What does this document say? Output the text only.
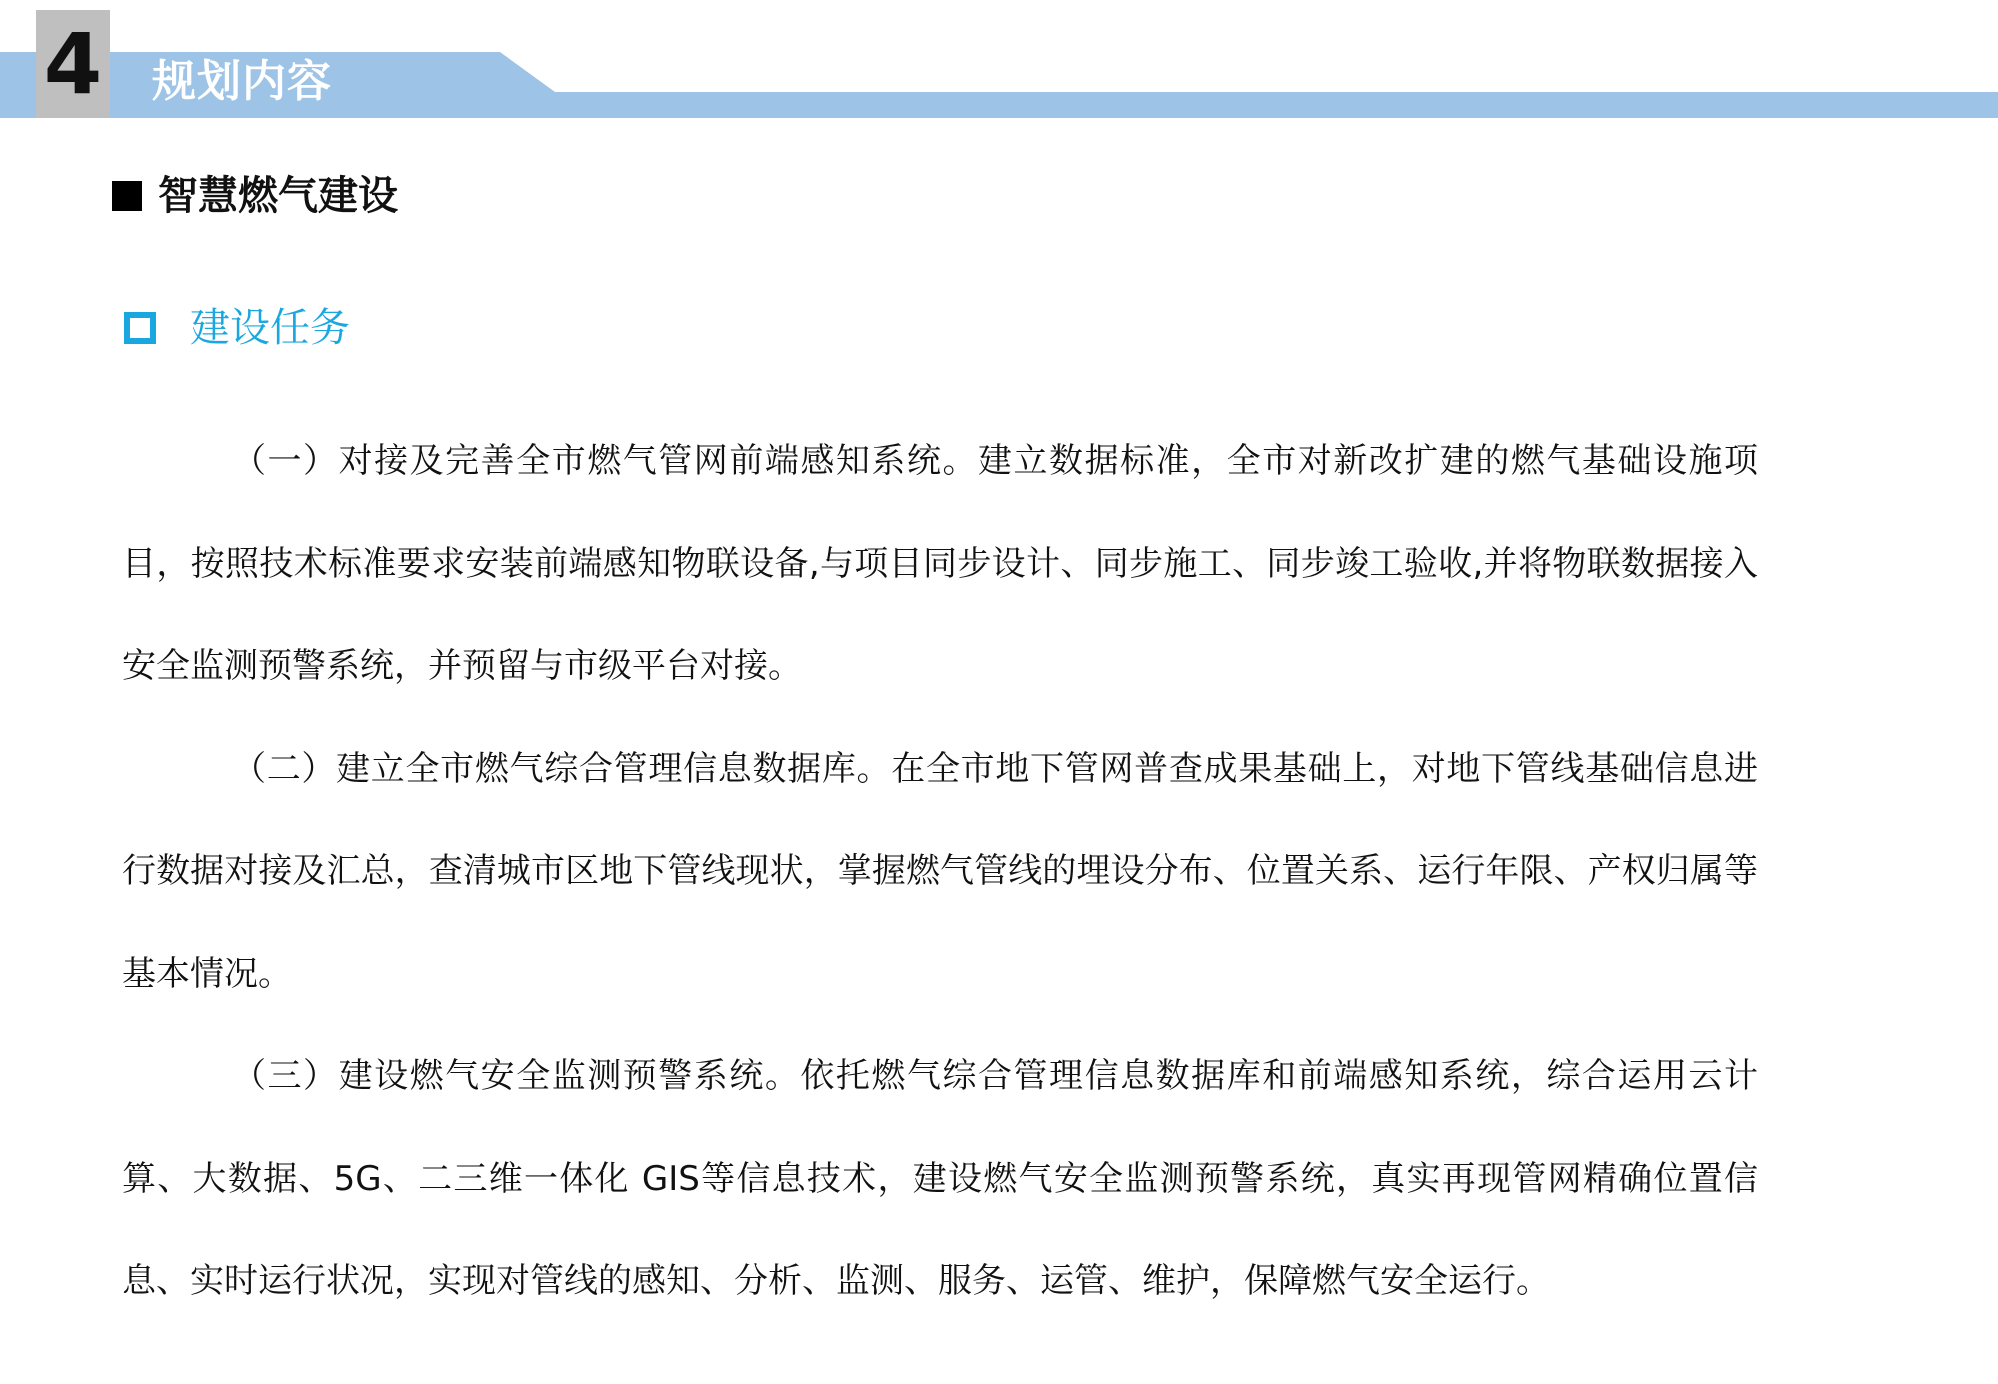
4 规划内容
智慧燃气建设
建设任务

（一）对接及完善全市燃气管网前端感知系统。建立数据标准，全市对新改扩建的燃气基础设施项目，按照技术标准要求安装前端感知物联设备,与项目同步设计、同步施工、同步竣工验收,并将物联数据接入安全监测预警系统，并预留与市级平台对接。

（二）建立全市燃气综合管理信息数据库。在全市地下管网普查成果基础上，对地下管线基础信息进行数据对接及汇总，查清城市区地下管线现状，掌握燃气管线的埋设分布、位置关系、运行年限、产权归属等基本情况。

（三）建设燃气安全监测预警系统。依托燃气综合管理信息数据库和前端感知系统，综合运用云计算、大数据、5G、二三维一体化 GIS等信息技术，建设燃气安全监测预警系统，真实再现管网精确位置信息、实时运行状况，实现对管线的感知、分析、监测、服务、运管、维护，保障燃气安全运行。
